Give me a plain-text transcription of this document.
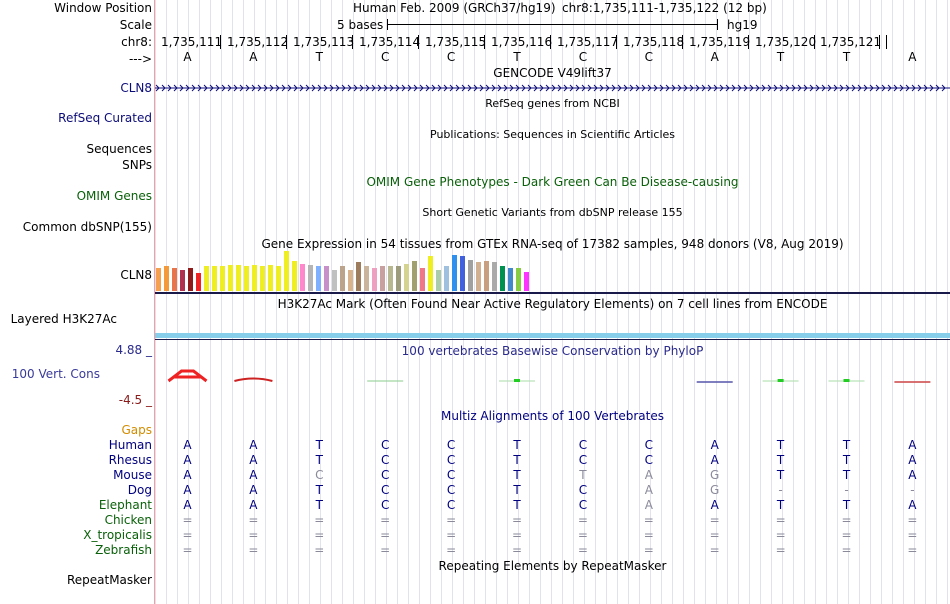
Window Position
Scale
chr8:
--->
CLN8
RefSeq Curated
Sequences
SNPs
OMIM Genes
Common dbSNP(155)
CLN8
Layered H3K27Ac
4.88 _
100 Vert. Cons
-4.5 _
Gaps
Human
Rhesus
Mouse
Dog
Elephant
Chicken
X_tropicalis
Zebrafish
RepeatMasker
Human Feb. 2009 (GRCh37/hg19) chr8:1,735,111-1,735,122 (12 bp)
5 bases	hg19
1,735,111 1,735,112 1,735,113 1,735,114 1,735,115 1,735,116 1,735,117 1,735,118 1,735,119 1,735,120 1,735,121
A	A	T	C	C	T	C	C	A	T	T	A
GENCODE V49lift37
RefSeq genes from NCBI
Publications: Sequences in Scientific Articles
OMIM Gene Phenotypes - Dark Green Can Be Disease-causing
Short Genetic Variants from dbSNP release 155
Gene Expression in 54 tissues from GTEx RNA-seq of 17382 samples, 948 donors (V8, Aug 2019)
H3K27Ac Mark (Often Found Near Active Regulatory Elements) on 7 cell lines from ENCODE
100 vertebrates Basewise Conservation by PhyloP
Multiz Alignments of 100 Vertebrates
A	A	T	C	C	T	C	C	A	T	T	A
A	A	T	C	C	T	C	C	A	T	T	A
A	A	C	C	C	T	T	A	G	T	T	A
A	A	T	C	C	T	C	A	G	-	-	-
A	A	T	C	C	T	C	A	A	T	T	A
=	=	=	=	=	=	=	=	=	=	=	=
=	=	=	=	=	=	=	=	=	=	=	=
=	=	=	=	=	=	=	=	=	=	=	=
Repeating Elements by RepeatMasker
